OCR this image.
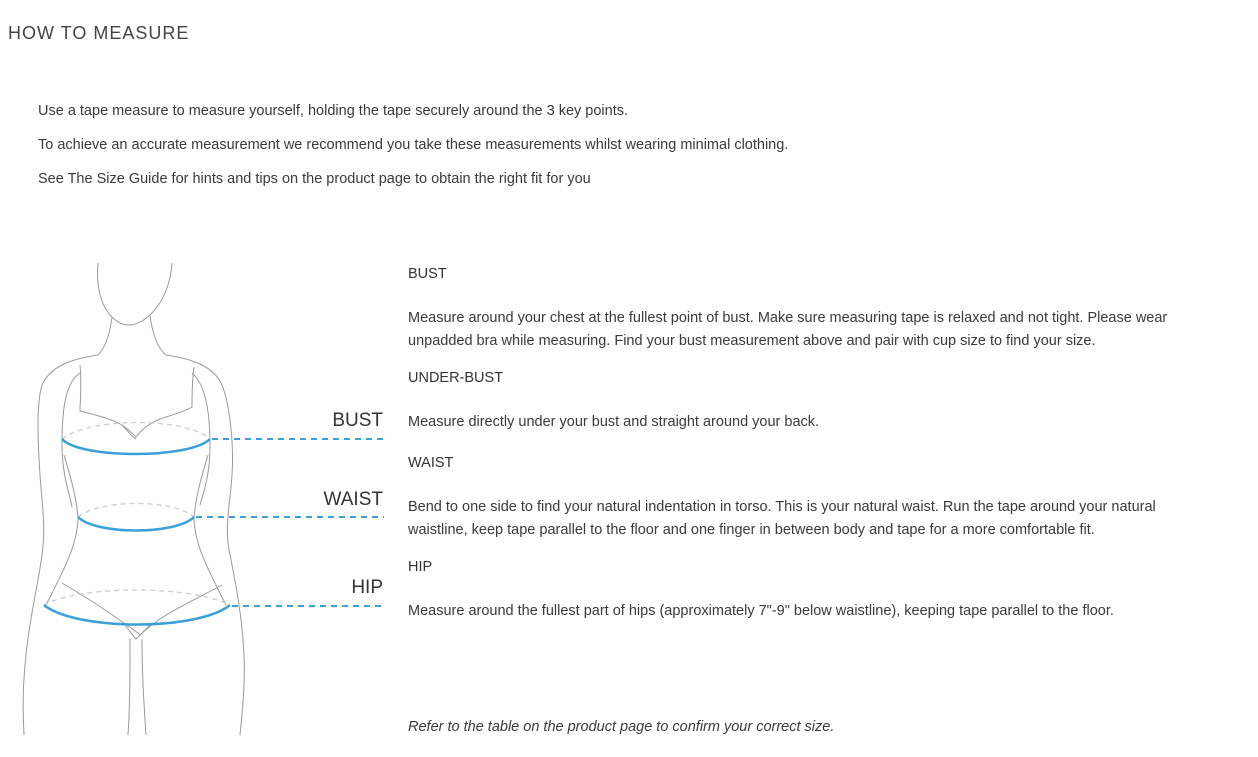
HOW TO MEASURE

Use a tape measure to measure yourself, holding the tape securely around the 3 key points.

To achieve an accurate measurement we recommend you take these measurements whilst wearing minimal clothing.

See The Size Guide for hints and tips on the product page to obtain the right fit for you

BUST
WAIST
HIP
BUST

Measure around your chest at the fullest point of bust. Make sure measuring tape is relaxed and not tight. Please wear unpadded bra while measuring. Find your bust measurement above and pair with cup size to find your size.

UNDER-BUST

Measure directly under your bust and straight around your back.

WAIST

Bend to one side to find your natural indentation in torso. This is your natural waist. Run the tape around your natural waistline, keep tape parallel to the floor and one finger in between body and tape for a more comfortable fit.

HIP

Measure around the fullest part of hips (approximately 7"-9" below waistline), keeping tape parallel to the floor.

Refer to the table on the product page to confirm your correct size.
